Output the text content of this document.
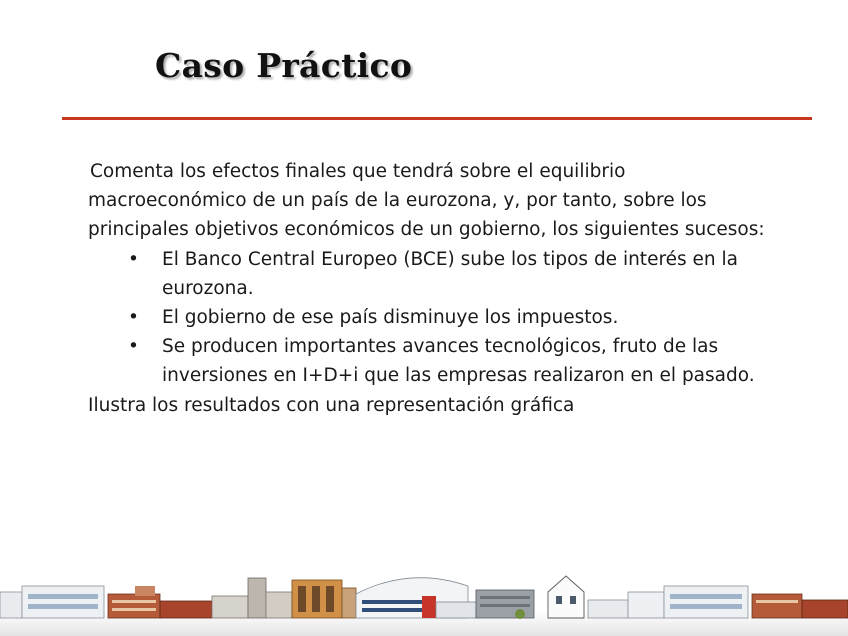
Caso Práctico

Comenta los efectos finales que tendrá sobre el equilibrio macroeconómico de un país de la eurozona, y, por tanto, sobre los principales objetivos económicos de un gobierno, los siguientes sucesos:

• El Banco Central Europeo (BCE) sube los tipos de interés en la eurozona.
• El gobierno de ese país disminuye los impuestos.
• Se producen importantes avances tecnológicos, fruto de las inversiones en I+D+i que las empresas realizaron en el pasado.

Ilustra los resultados con una representación gráfica
